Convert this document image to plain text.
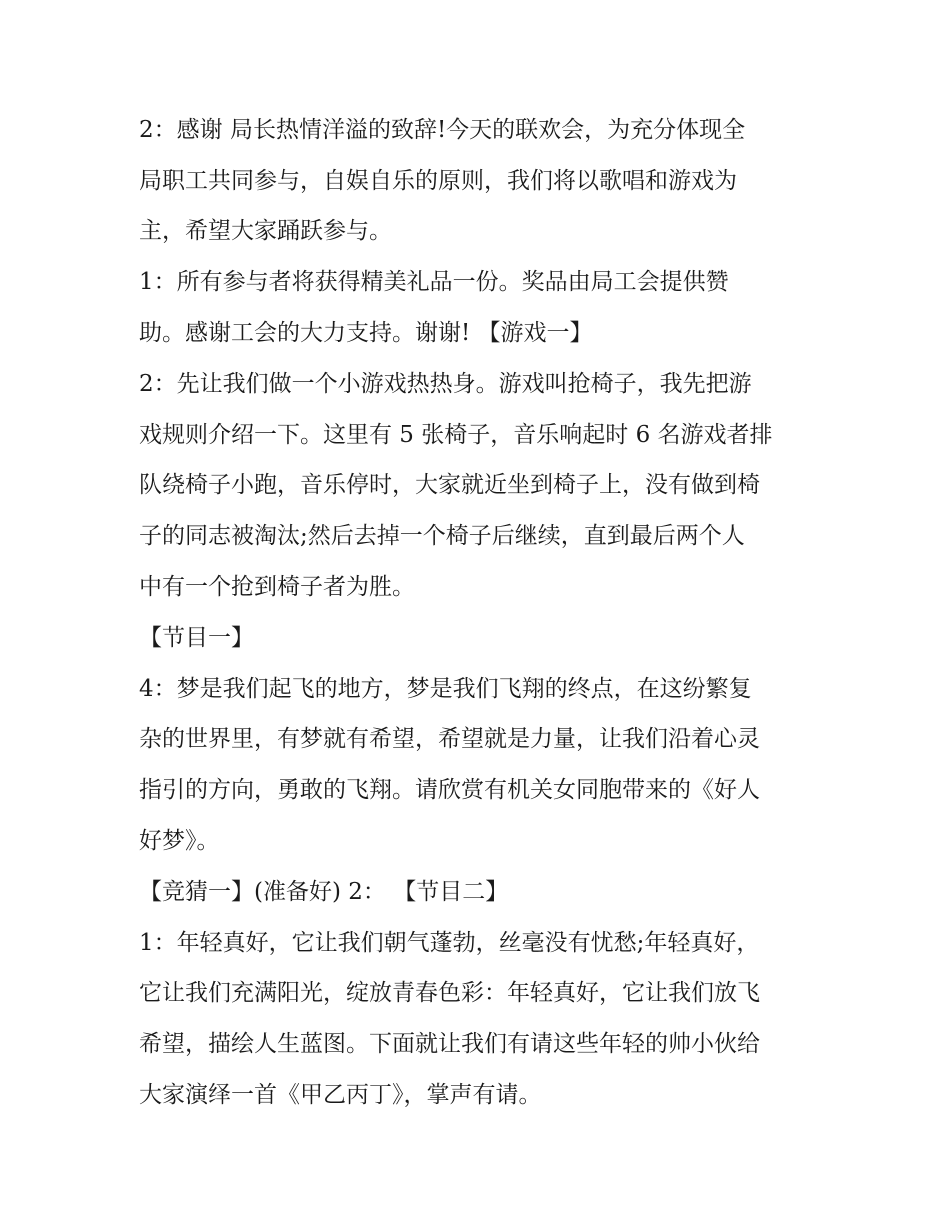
2：感谢 局长热情洋溢的致辞!今天的联欢会，为充分体现全
局职工共同参与，自娱自乐的原则，我们将以歌唱和游戏为
主，希望大家踊跃参与。
1：所有参与者将获得精美礼品一份。奖品由局工会提供赞
助。感谢工会的大力支持。谢谢! 【游戏一】
2：先让我们做一个小游戏热热身。游戏叫抢椅子，我先把游
戏规则介绍一下。这里有 5 张椅子，音乐响起时 6 名游戏者排
队绕椅子小跑，音乐停时，大家就近坐到椅子上，没有做到椅
子的同志被淘汰;然后去掉一个椅子后继续，直到最后两个人
中有一个抢到椅子者为胜。
【节目一】
4：梦是我们起飞的地方，梦是我们飞翔的终点，在这纷繁复
杂的世界里，有梦就有希望，希望就是力量，让我们沿着心灵
指引的方向，勇敢的飞翔。请欣赏有机关女同胞带来的《好人
好梦》。
【竞猜一】(准备好) 2： 【节目二】
1：年轻真好，它让我们朝气蓬勃，丝毫没有忧愁;年轻真好，
它让我们充满阳光，绽放青春色彩：年轻真好，它让我们放飞
希望，描绘人生蓝图。下面就让我们有请这些年轻的帅小伙给
大家演绎一首《甲乙丙丁》，掌声有请。
